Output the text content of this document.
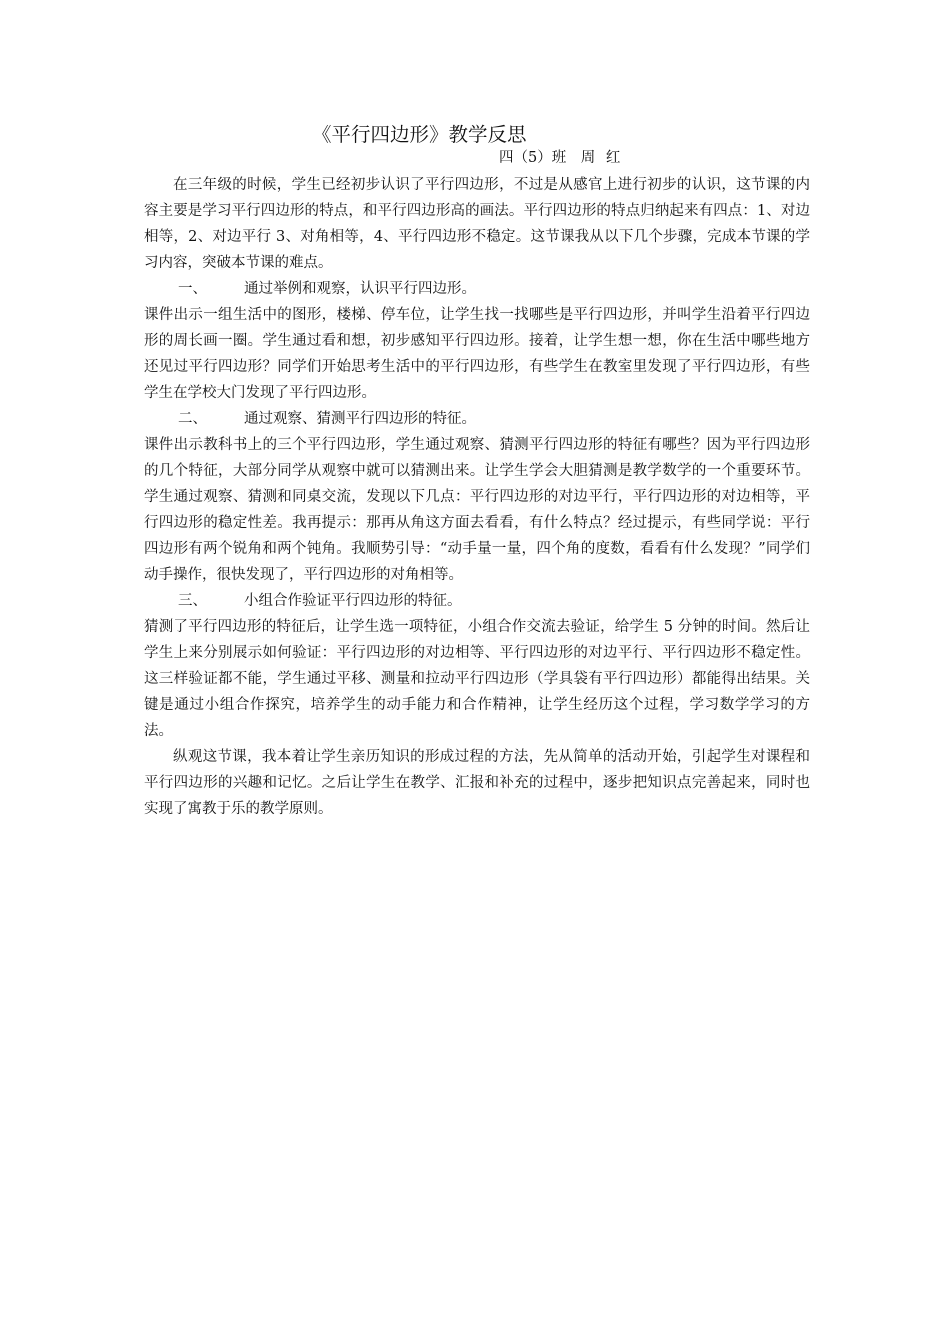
《平行四边形》教学反思
四（5）班　周 红

在三年级的时候，学生已经初步认识了平行四边形，不过是从感官上进行初步的认识，这节课的内容主要是学习平行四边形的特点，和平行四边形高的画法。平行四边形的特点归纳起来有四点：1、对边相等，2、对边平行 3、对角相等，4、平行四边形不稳定。这节课我从以下几个步骤，完成本节课的学习内容，突破本节课的难点。

一、	通过举例和观察，认识平行四边形。

课件出示一组生活中的图形，楼梯、停车位，让学生找一找哪些是平行四边形，并叫学生沿着平行四边形的周长画一圈。学生通过看和想，初步感知平行四边形。接着，让学生想一想，你在生活中哪些地方还见过平行四边形？同学们开始思考生活中的平行四边形，有些学生在教室里发现了平行四边形，有些学生在学校大门发现了平行四边形。

二、	通过观察、猜测平行四边形的特征。

课件出示教科书上的三个平行四边形，学生通过观察、猜测平行四边形的特征有哪些？因为平行四边形的几个特征，大部分同学从观察中就可以猜测出来。让学生学会大胆猜测是教学数学的一个重要环节。学生通过观察、猜测和同桌交流，发现以下几点：平行四边形的对边平行，平行四边形的对边相等，平行四边形的稳定性差。我再提示：那再从角这方面去看看，有什么特点？经过提示，有些同学说：平行四边形有两个锐角和两个钝角。我顺势引导：“动手量一量，四个角的度数，看看有什么发现？”同学们动手操作，很快发现了，平行四边形的对角相等。

三、	小组合作验证平行四边形的特征。

猜测了平行四边形的特征后，让学生选一项特征，小组合作交流去验证，给学生 5 分钟的时间。然后让学生上来分别展示如何验证：平行四边形的对边相等、平行四边形的对边平行、平行四边形不稳定性。这三样验证都不能，学生通过平移、测量和拉动平行四边形（学具袋有平行四边形）都能得出结果。关键是通过小组合作探究，培养学生的动手能力和合作精神，让学生经历这个过程，学习数学学习的方法。

纵观这节课，我本着让学生亲历知识的形成过程的方法，先从简单的活动开始，引起学生对课程和平行四边形的兴趣和记忆。之后让学生在教学、汇报和补充的过程中，逐步把知识点完善起来，同时也实现了寓教于乐的教学原则。
